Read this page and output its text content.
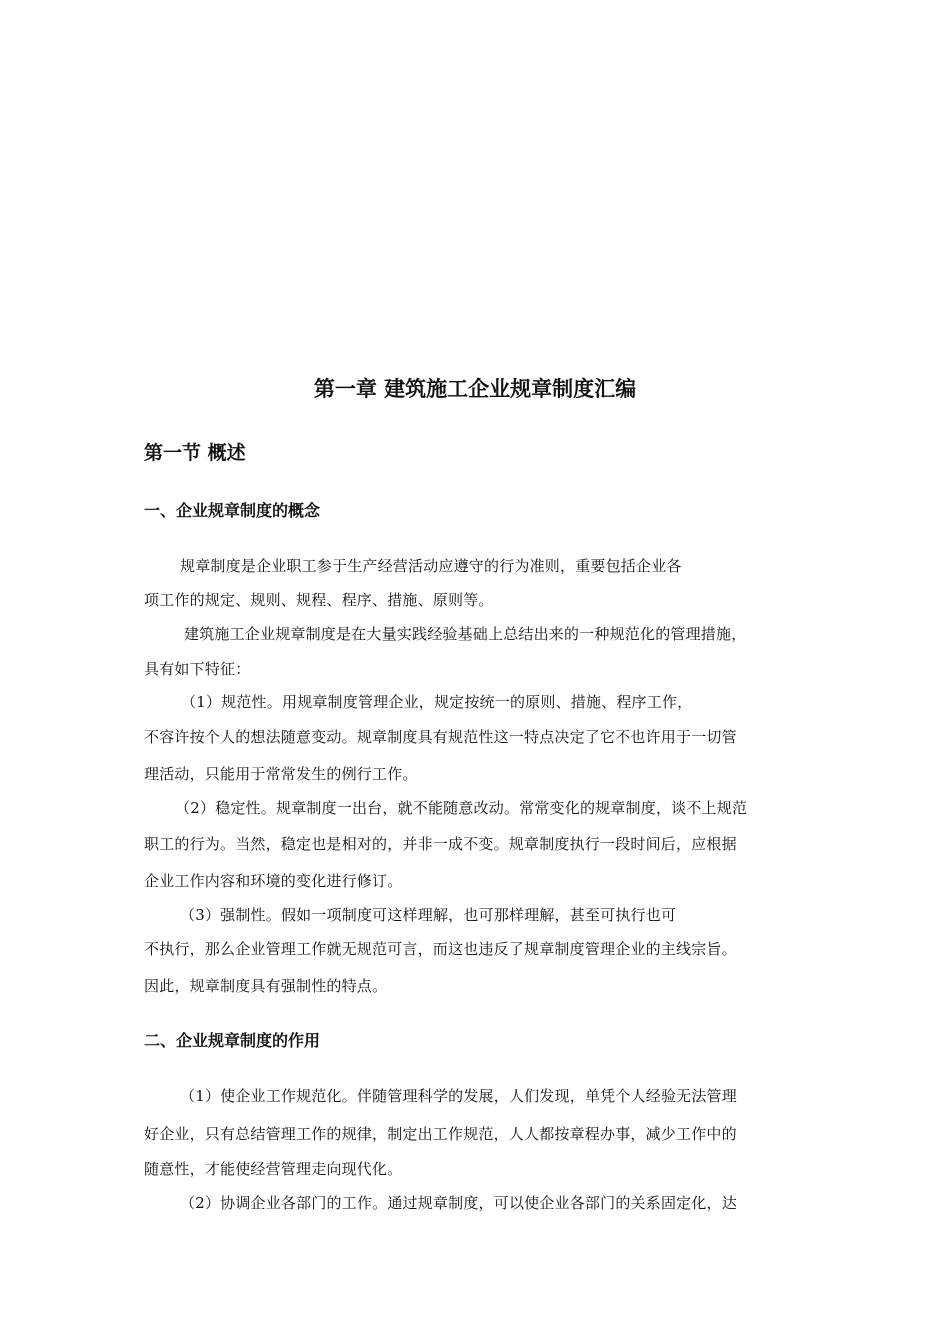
第一章 建筑施工企业规章制度汇编
第一节 概述
一、企业规章制度的概念
规章制度是企业职工参于生产经营活动应遵守的行为准则，重要包括企业各
项工作的规定、规则、规程、程序、措施、原则等。
建筑施工企业规章制度是在大量实践经验基础上总结出来的一种规范化的管理措施，
具有如下特征：
（1）规范性。用规章制度管理企业，规定按统一的原则、措施、程序工作，
不容许按个人的想法随意变动。规章制度具有规范性这一特点决定了它不也许用于一切管
理活动，只能用于常常发生的例行工作。
（2）稳定性。规章制度一出台，就不能随意改动。常常变化的规章制度，谈不上规范
职工的行为。当然，稳定也是相对的，并非一成不变。规章制度执行一段时间后，应根据
企业工作内容和环境的变化进行修订。
（3）强制性。假如一项制度可这样理解，也可那样理解，甚至可执行也可
不执行，那么企业管理工作就无规范可言，而这也违反了规章制度管理企业的主线宗旨。
因此，规章制度具有强制性的特点。
二、企业规章制度的作用
（1）使企业工作规范化。伴随管理科学的发展，人们发现，单凭个人经验无法管理
好企业，只有总结管理工作的规律，制定出工作规范，人人都按章程办事，减少工作中的
随意性，才能使经营管理走向现代化。
（2）协调企业各部门的工作。通过规章制度，可以使企业各部门的关系固定化，达
